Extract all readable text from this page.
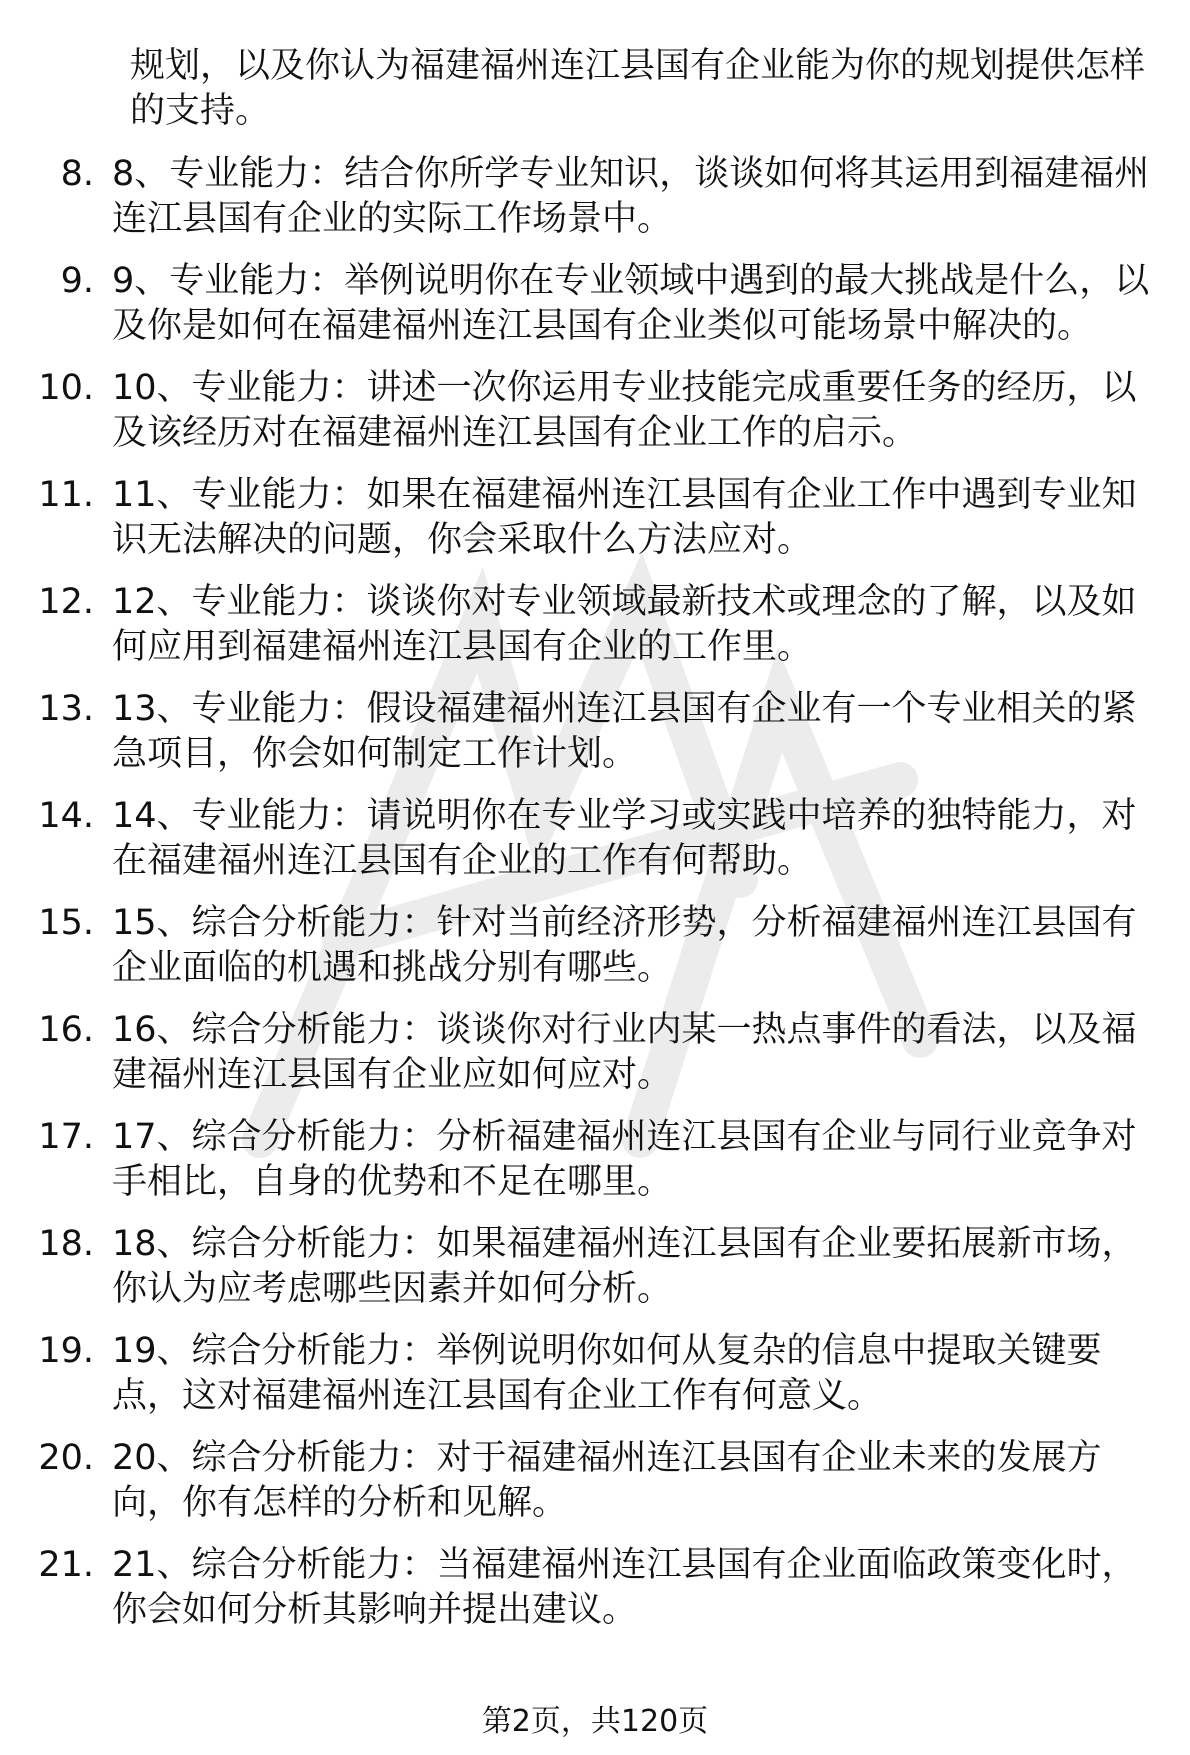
规划，以及你认为福建福州连江县国有企业能为你的规划提供怎样的支持。
8. 8、专业能力：结合你所学专业知识，谈谈如何将其运用到福建福州连江县国有企业的实际工作场景中。
9. 9、专业能力：举例说明你在专业领域中遇到的最大挑战是什么，以及你是如何在福建福州连江县国有企业类似可能场景中解决的。
10. 10、专业能力：讲述一次你运用专业技能完成重要任务的经历，以及该经历对在福建福州连江县国有企业工作的启示。
11. 11、专业能力：如果在福建福州连江县国有企业工作中遇到专业知识无法解决的问题，你会采取什么方法应对。
12. 12、专业能力：谈谈你对专业领域最新技术或理念的了解，以及如何应用到福建福州连江县国有企业的工作里。
13. 13、专业能力：假设福建福州连江县国有企业有一个专业相关的紧急项目，你会如何制定工作计划。
14. 14、专业能力：请说明你在专业学习或实践中培养的独特能力，对在福建福州连江县国有企业的工作有何帮助。
15. 15、综合分析能力：针对当前经济形势，分析福建福州连江县国有企业面临的机遇和挑战分别有哪些。
16. 16、综合分析能力：谈谈你对行业内某一热点事件的看法，以及福建福州连江县国有企业应如何应对。
17. 17、综合分析能力：分析福建福州连江县国有企业与同行业竞争对手相比，自身的优势和不足在哪里。
18. 18、综合分析能力：如果福建福州连江县国有企业要拓展新市场，你认为应考虑哪些因素并如何分析。
19. 19、综合分析能力：举例说明你如何从复杂的信息中提取关键要点，这对福建福州连江县国有企业工作有何意义。
20. 20、综合分析能力：对于福建福州连江县国有企业未来的发展方向，你有怎样的分析和见解。
21. 21、综合分析能力：当福建福州连江县国有企业面临政策变化时，你会如何分析其影响并提出建议。
第2页，共120页
